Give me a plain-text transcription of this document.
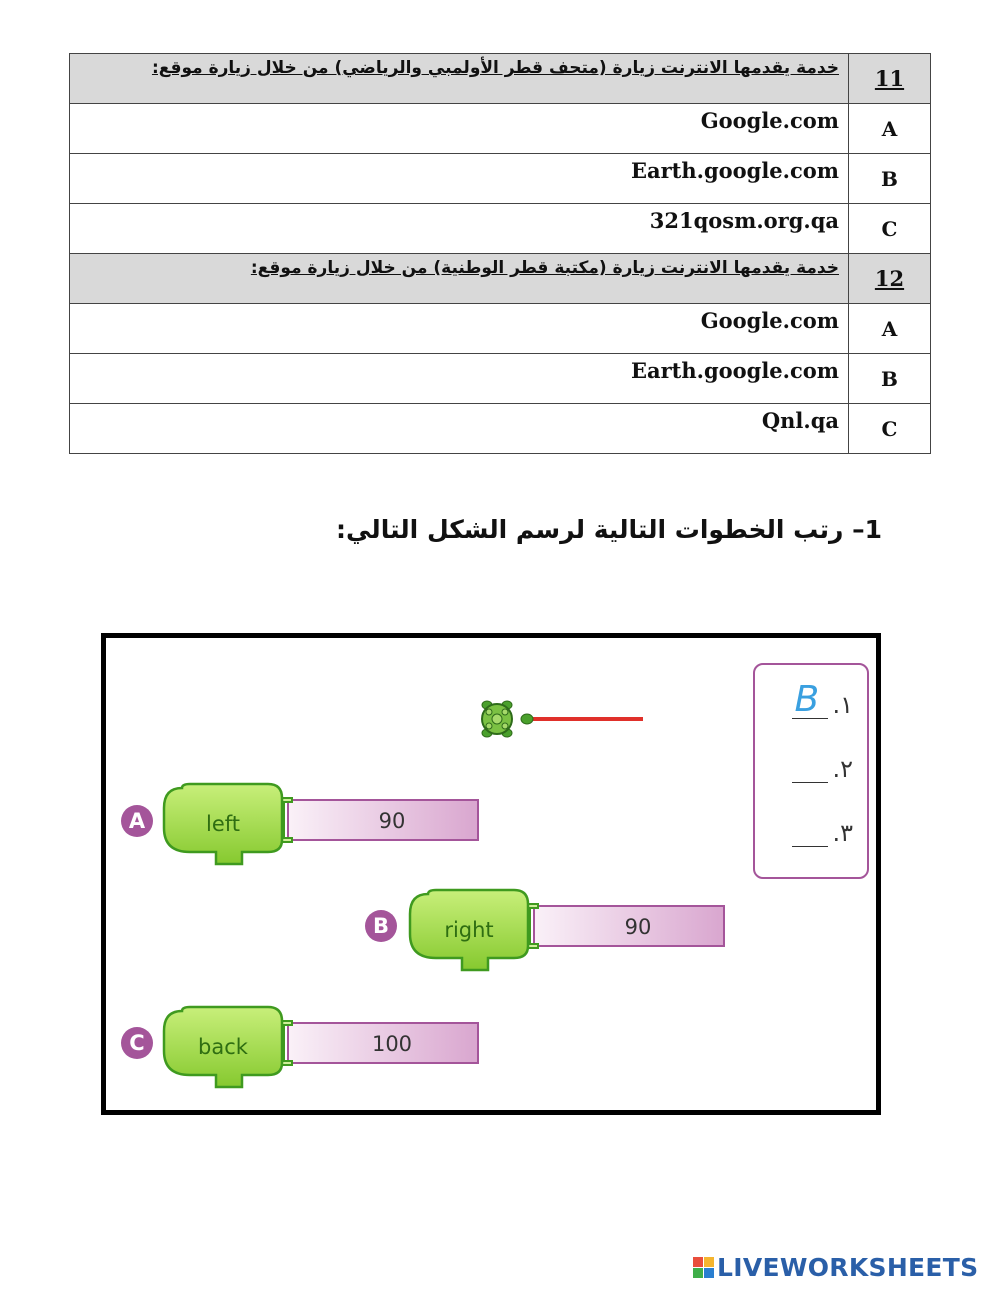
خدمة يقدمها الانترنت زيارة (متحف قطر الأولمبي والرياضي) من خلال زيارة موقع:	11
Google.com	A
Earth.google.com	B
321qosm.org.qa	C
خدمة يقدمها الانترنت زيارة (مكتبة قطر الوطنية) من خلال زيارة موقع:	12
Google.com	A
Earth.google.com	B
Qnl.qa	C
1– رتب الخطوات التالية لرسم الشكل التالي:
left	90
A
right	90
B
back	100
C
١.
B
٢.
٣.
LIVEWORKSHEETS
